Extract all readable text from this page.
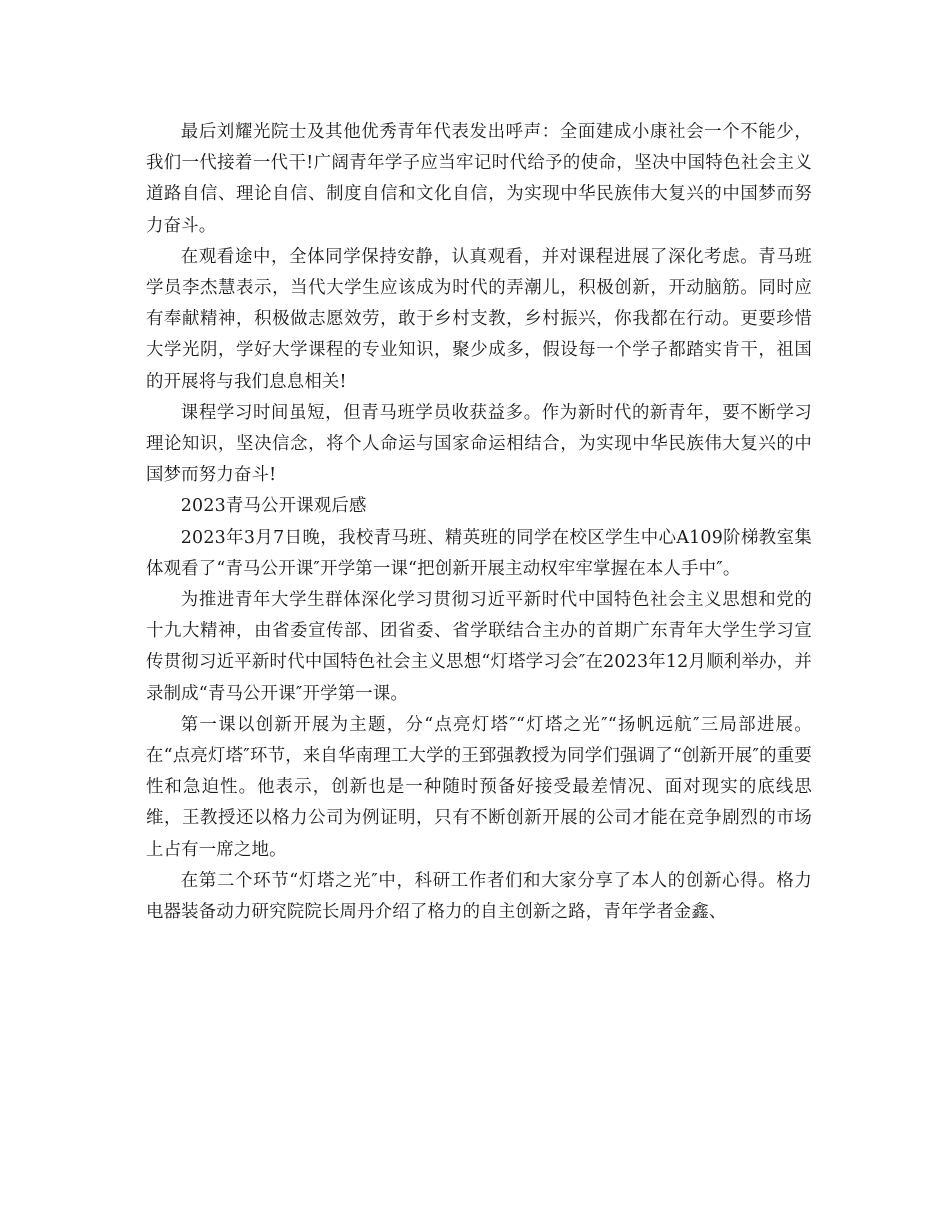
最后刘耀光院士及其他优秀青年代表发出呼声：全面建成小康社会一个不能少，我们一代接着一代干!广阔青年学子应当牢记时代给予的使命，坚决中国特色社会主义道路自信、理论自信、制度自信和文化自信，为实现中华民族伟大复兴的中国梦而努力奋斗。

在观看途中，全体同学保持安静，认真观看，并对课程进展了深化考虑。青马班学员李杰慧表示，当代大学生应该成为时代的弄潮儿，积极创新，开动脑筋。同时应有奉献精神，积极做志愿效劳，敢于乡村支教，乡村振兴，你我都在行动。更要珍惜大学光阴，学好大学课程的专业知识，聚少成多，假设每一个学子都踏实肯干，祖国的开展将与我们息息相关!

课程学习时间虽短，但青马班学员收获益多。作为新时代的新青年，要不断学习理论知识，坚决信念，将个人命运与国家命运相结合，为实现中华民族伟大复兴的中国梦而努力奋斗!

2023青马公开课观后感

2023年3月7日晚，我校青马班、精英班的同学在校区学生中心A109阶梯教室集体观看了“青马公开课″开学第一课“把创新开展主动权牢牢掌握在本人手中″。

为推进青年大学生群体深化学习贯彻习近平新时代中国特色社会主义思想和党的十九大精神，由省委宣传部、团省委、省学联结合主办的首期广东青年大学生学习宣传贯彻习近平新时代中国特色社会主义思想“灯塔学习会″在2023年12月顺利举办，并录制成“青马公开课″开学第一课。

第一课以创新开展为主题，分“点亮灯塔″“灯塔之光″“扬帆远航″三局部进展。在“点亮灯塔″环节，来自华南理工大学的王郅强教授为同学们强调了“创新开展″的重要性和急迫性。他表示，创新也是一种随时预备好接受最差情况、面对现实的底线思维，王教授还以格力公司为例证明，只有不断创新开展的公司才能在竞争剧烈的市场上占有一席之地。

在第二个环节“灯塔之光″中，科研工作者们和大家分享了本人的创新心得。格力电器装备动力研究院院长周丹介绍了格力的自主创新之路，青年学者金鑫、
